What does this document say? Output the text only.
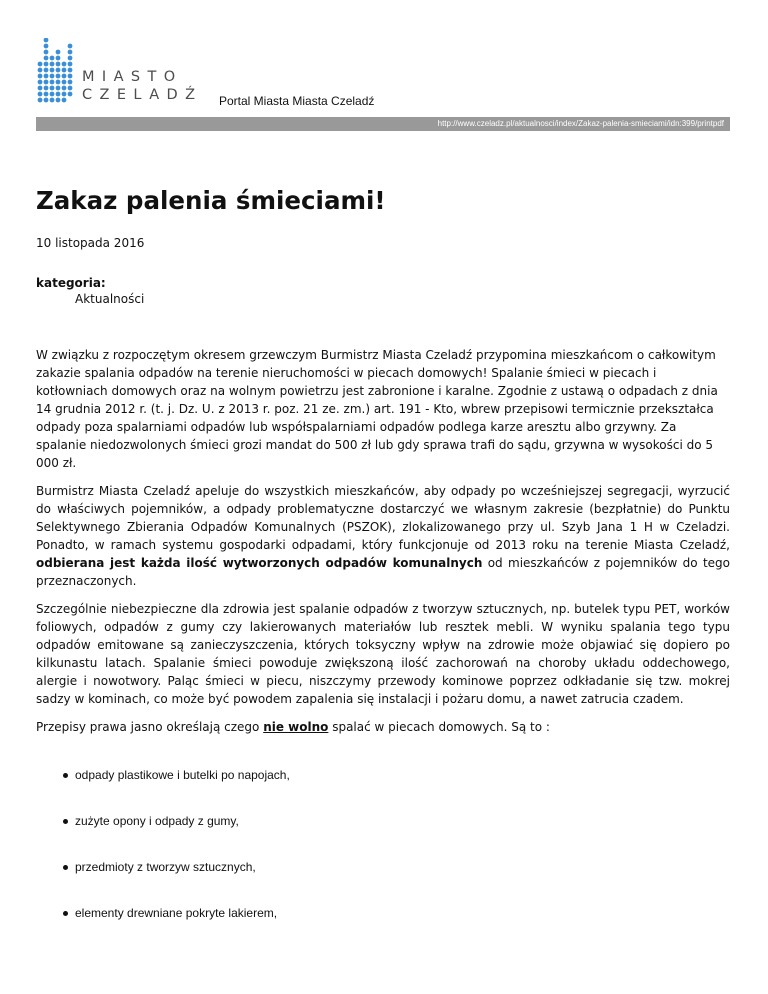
MIASTO
CZELADŹ Portal Miasta Miasta Czeladź
http://www.czeladz.pl/aktualnosci/index/Zakaz-palenia-smieciami/idn:399/printpdf
Zakaz palenia śmieciami!
10 listopada 2016
kategoria:
Aktualności

W związku z rozpoczętym okresem grzewczym Burmistrz Miasta Czeladź przypomina mieszkańcom o całkowitym zakazie spalania odpadów na terenie nieruchomości w piecach domowych! Spalanie śmieci w piecach i kotłowniach domowych oraz na wolnym powietrzu jest zabronione i karalne. Zgodnie z ustawą o odpadach z dnia 14 grudnia 2012 r. (t. j. Dz. U. z 2013 r. poz. 21 ze. zm.) art. 191 - Kto, wbrew przepisowi termicznie przekształca odpady poza spalarniami odpadów lub współspalarniami odpadów podlega karze aresztu albo grzywny. Za spalanie niedozwolonych śmieci grozi mandat do 500 zł lub gdy sprawa trafi do sądu, grzywna w wysokości do 5 000 zł.

Burmistrz Miasta Czeladź apeluje do wszystkich mieszkańców, aby odpady po wcześniejszej segregacji, wyrzucić do właściwych pojemników, a odpady problematyczne dostarczyć we własnym zakresie (bezpłatnie) do Punktu Selektywnego Zbierania Odpadów Komunalnych (PSZOK), zlokalizowanego przy ul. Szyb Jana 1 H w Czeladzi. Ponadto, w ramach systemu gospodarki odpadami, który funkcjonuje od 2013 roku na terenie Miasta Czeladź, odbierana jest każda ilość wytworzonych odpadów komunalnych od mieszkańców z pojemników do tego przeznaczonych.

Szczególnie niebezpieczne dla zdrowia jest spalanie odpadów z tworzyw sztucznych, np. butelek typu PET, worków foliowych, odpadów z gumy czy lakierowanych materiałów lub resztek mebli. W wyniku spalania tego typu odpadów emitowane są zanieczyszczenia, których toksyczny wpływ na zdrowie może objawiać się dopiero po kilkunastu latach. Spalanie śmieci powoduje zwiększoną ilość zachorowań na choroby układu oddechowego, alergie i nowotwory. Paląc śmieci w piecu, niszczymy przewody kominowe poprzez odkładanie się tzw. mokrej sadzy w kominach, co może być powodem zapalenia się instalacji i pożaru domu, a nawet zatrucia czadem.

Przepisy prawa jasno określają czego nie wolno spalać w piecach domowych. Są to :

odpady plastikowe i butelki po napojach,
zużyte opony i odpady z gumy,
przedmioty z tworzyw sztucznych,
elementy drewniane pokryte lakierem,
